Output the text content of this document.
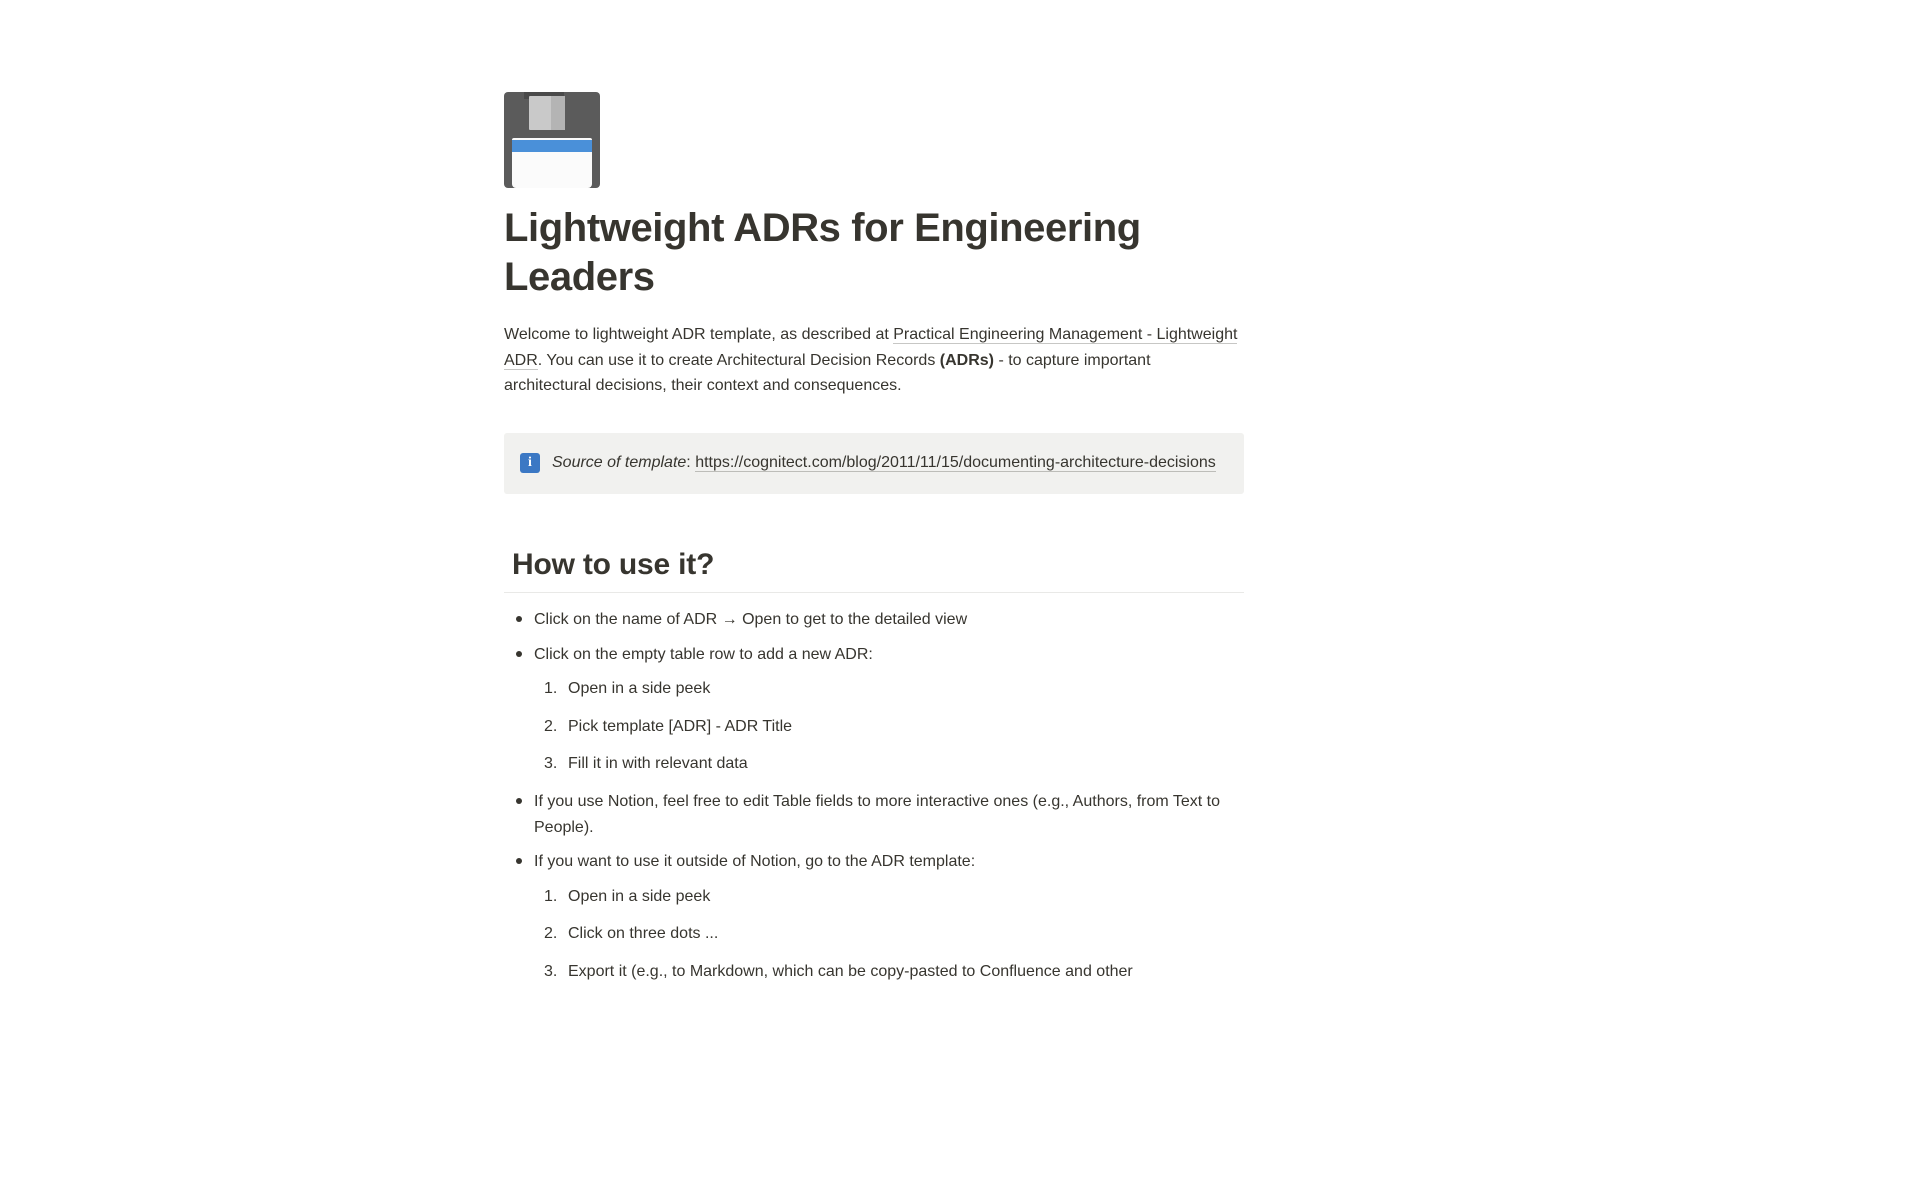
Lightweight ADRs for Engineering Leaders

Welcome to lightweight ADR template, as described at Practical Engineering Management - Lightweight ADR. You can use it to create Architectural Decision Records (ADRs) - to capture important architectural decisions, their context and consequences.

i	Source of template: https://cognitect.com/blog/2011/11/15/documenting-architecture-decisions
How to use it?
Click on the name of ADR → Open to get to the detailed view
Click on the empty table row to add a new ADR:
Open in a side peek
Pick template [ADR] - ADR Title
Fill it in with relevant data
If you use Notion, feel free to edit Table fields to more interactive ones (e.g., Authors, from Text to People).
If you want to use it outside of Notion, go to the ADR template:
Open in a side peek
Click on three dots ...
Export it (e.g., to Markdown, which can be copy-pasted to Confluence and other
